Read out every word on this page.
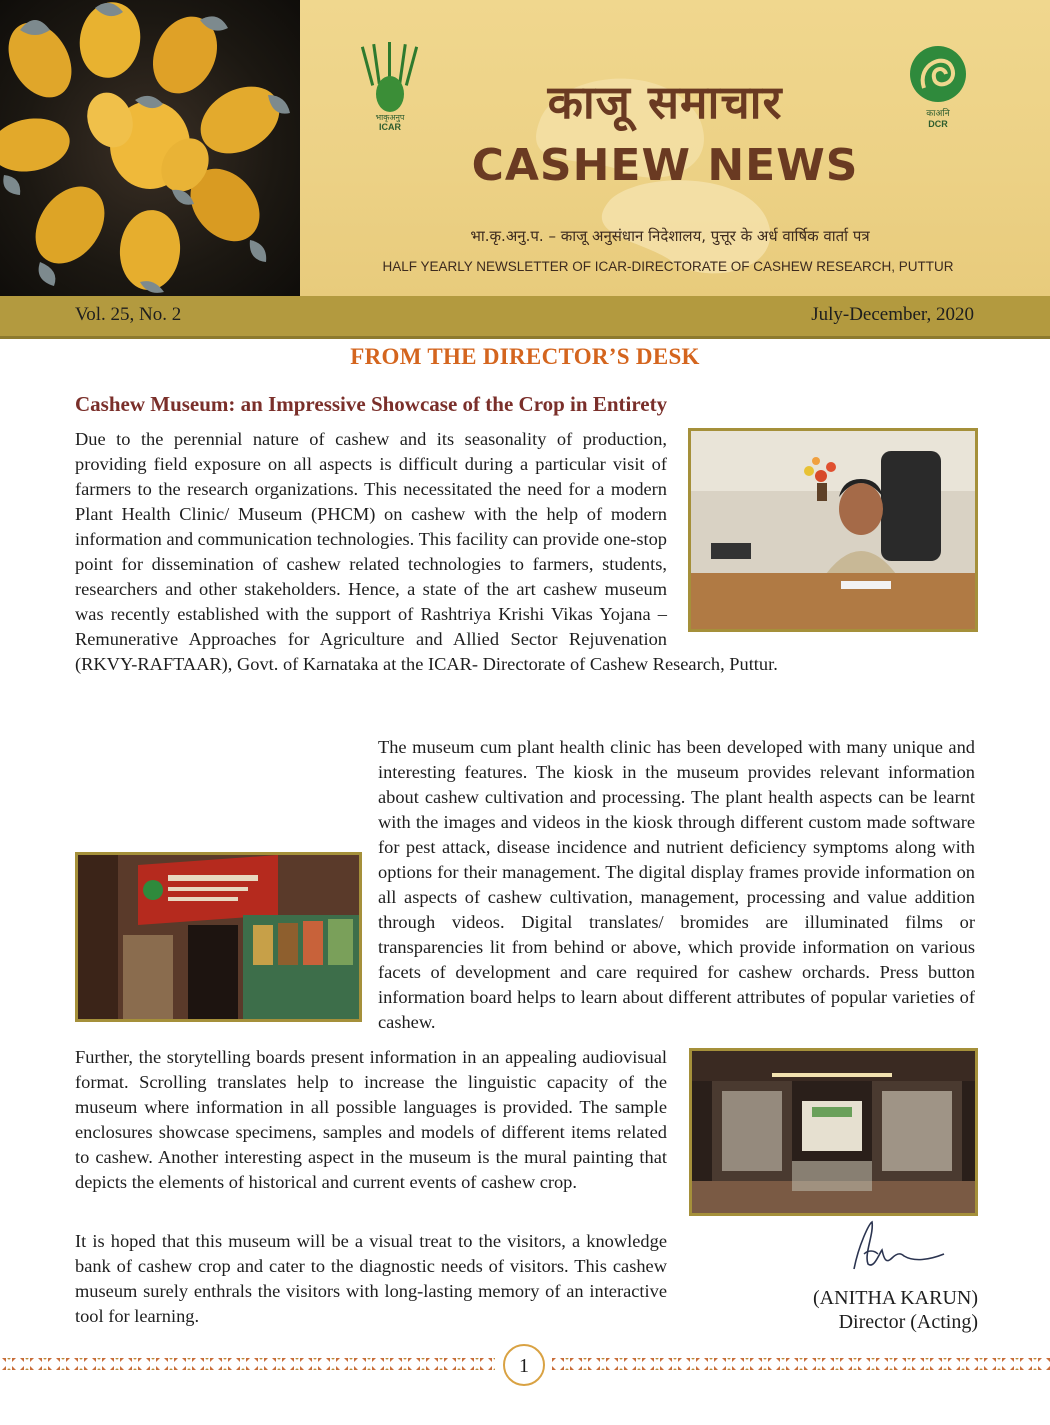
भाकृअनुप
ICAR
काअनि
DCR
काजू समाचार
CASHEW NEWS
भा.कृ.अनु.प. – काजू अनुसंधान निदेशालय, पुत्तूर के अर्ध वार्षिक वार्ता पत्र
HALF YEARLY NEWSLETTER OF ICAR-DIRECTORATE OF CASHEW RESEARCH, PUTTUR
Vol. 25, No. 2	July-December, 2020
FROM THE DIRECTOR’S DESK
Cashew Museum: an Impressive Showcase of the Crop in Entirety

Due to the perennial nature of cashew and its seasonality of production, providing field exposure on all aspects is difficult during a particular visit of farmers to the research organizations. This necessitated the need for a modern Plant Health Clinic/ Museum (PHCM) on cashew with the help of modern information and communication technologies. This facility can provide one-stop point for dissemination of cashew related technologies to farmers, students, researchers and other stakeholders. Hence, a state of the art cashew museum was recently established with the support of Rashtriya Krishi Vikas Yojana – Remunerative Approaches for Agriculture and Allied Sector Rejuvenation (RKVY-RAFTAAR), Govt. of Karnataka at the ICAR- Directorate of Cashew Research, Puttur.

The museum cum plant health clinic has been developed with many unique and interesting features. The kiosk in the museum provides relevant information about cashew cultivation and processing. The plant health aspects can be learnt with the images and videos in the kiosk through different custom made software for pest attack, disease incidence and nutrient deficiency symptoms along with options for their management. The digital display frames provide information on all aspects of cashew cultivation, management, processing and value addition through videos. Digital translates/ bromides are illuminated films or transparencies lit from behind or above, which provide information on various facets of development and care required for cashew orchards. Press button information board helps to learn about different attributes of popular varieties of cashew.

Further, the storytelling boards present information in an appealing audiovisual format. Scrolling translates help to increase the linguistic capacity of the museum where information in all possible languages is provided. The sample enclosures showcase specimens, samples and models of different items related to cashew. Another interesting aspect in the museum is the mural painting that depicts the elements of historical and current events of cashew crop.

It is hoped that this museum will be a visual treat to the visitors, a knowledge bank of cashew crop and cater to the diagnostic needs of visitors. This cashew museum surely enthrals the visitors with long-lasting memory of an interactive tool for learning.

(ANITHA KARUN)
Director (Acting)
1
